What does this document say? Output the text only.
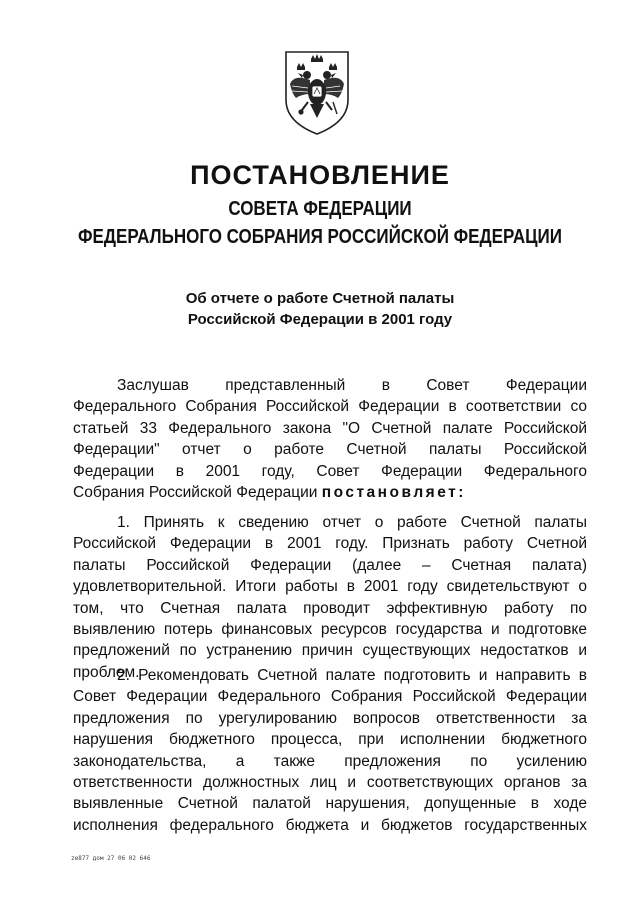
ПОСТАНОВЛЕНИЕ
СОВЕТА ФЕДЕРАЦИИ
ФЕДЕРАЛЬНОГО СОБРАНИЯ РОССИЙСКОЙ ФЕДЕРАЦИИ
Об отчете о работе Счетной палаты
Российской Федерации в 2001 году
Заслушав представленный в Совет Федерации
Федерального Собрания Российской Федерации в соответствии со
статьей 33 Федерального закона "О Счетной палате Российской
Федерации" отчет о работе Счетной палаты Российской
Федерации в 2001 году, Совет Федерации Федерального
Собрания Российской Федерации постановляет:
1. Принять к сведению отчет о работе Счетной палаты
Российской Федерации в 2001 году. Признать работу Счетной
палаты Российской Федерации (далее – Счетная палата)
удовлетворительной. Итоги работы в 2001 году свидетельствуют о
том, что Счетная палата проводит эффективную работу по
выявлению потерь финансовых ресурсов государства и подготовке
предложений по устранению причин существующих недостатков и
проблем.
2. Рекомендовать Счетной палате подготовить и направить в
Совет Федерации Федерального Собрания Российской Федерации
предложения по урегулированию вопросов ответственности за
нарушения бюджетного процесса, при исполнении бюджетного
законодательства, а также предложения по усилению
ответственности должностных лиц и соответствующих органов за
выявленные Счетной палатой нарушения, допущенные в ходе
исполнения федерального бюджета и бюджетов государственных
ze877 дом 27 06 02 646
